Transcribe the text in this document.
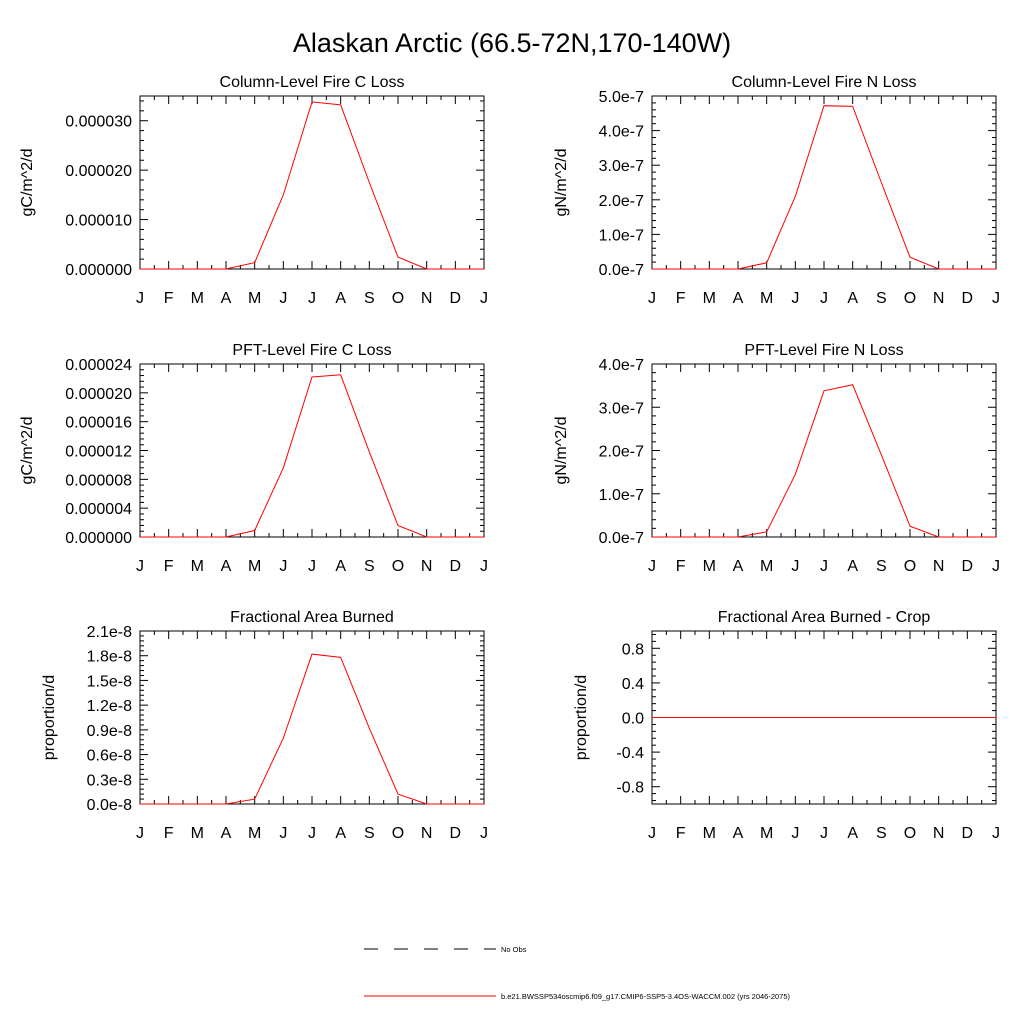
Alaskan Arctic (66.5-72N,170-140W)
Column-Level Fire C Loss
gC/m^2/d
J F M A M J J A S O N D J
0.000000
0.000010
0.000020
0.000030
Column-Level Fire N Loss
gN/m^2/d
J F M A M J J A S O N D J
0.0e-7
1.0e-7
2.0e-7
3.0e-7
4.0e-7
5.0e-7
PFT-Level Fire C Loss
gC/m^2/d
J F M A M J J A S O N D J
0.000000
0.000004
0.000008
0.000012
0.000016
0.000020
0.000024
PFT-Level Fire N Loss
gN/m^2/d
J F M A M J J A S O N D J
0.0e-7
1.0e-7
2.0e-7
3.0e-7
4.0e-7
Fractional Area Burned
proportion/d
J F M A M J J A S O N D J
0.0e-8
0.3e-8
0.6e-8
0.9e-8
1.2e-8
1.5e-8
1.8e-8
2.1e-8
Fractional Area Burned - Crop
proportion/d
J F M A M J J A S O N D J
-0.8
-0.4
0.0
0.4
0.8
No Obs
b.e21.BWSSP534oscmip6.f09_g17.CMIP6-SSP5-3.4OS-WACCM.002 (yrs 2046-2075)
